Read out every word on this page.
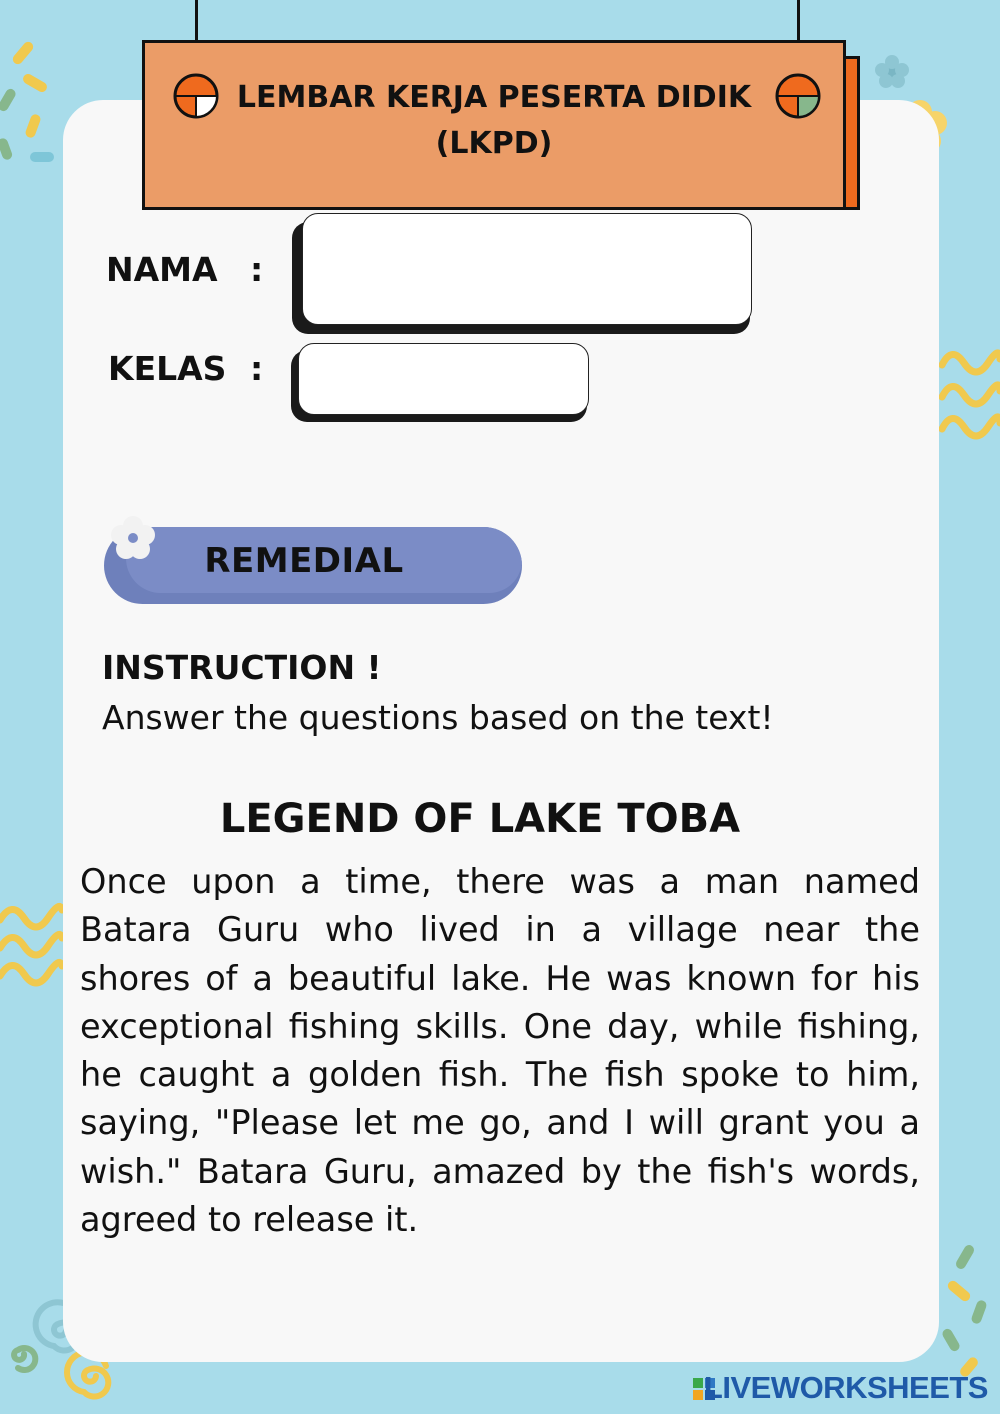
LEMBAR KERJA PESERTA DIDIK
(LKPD)
NAMA :
KELAS :
REMEDIAL
INSTRUCTION !
Answer the questions based on the text!
LEGEND OF LAKE TOBA
Once upon a time, there was a man named Batara Guru who lived in a village near the shores of a beautiful lake. He was known for his exceptional fishing skills. One day, while fishing, he caught a golden fish. The fish spoke to him, saying, "Please let me go, and I will grant you a wish." Batara Guru, amazed by the fish's words, agreed to release it.
LIVEWORKSHEETS
